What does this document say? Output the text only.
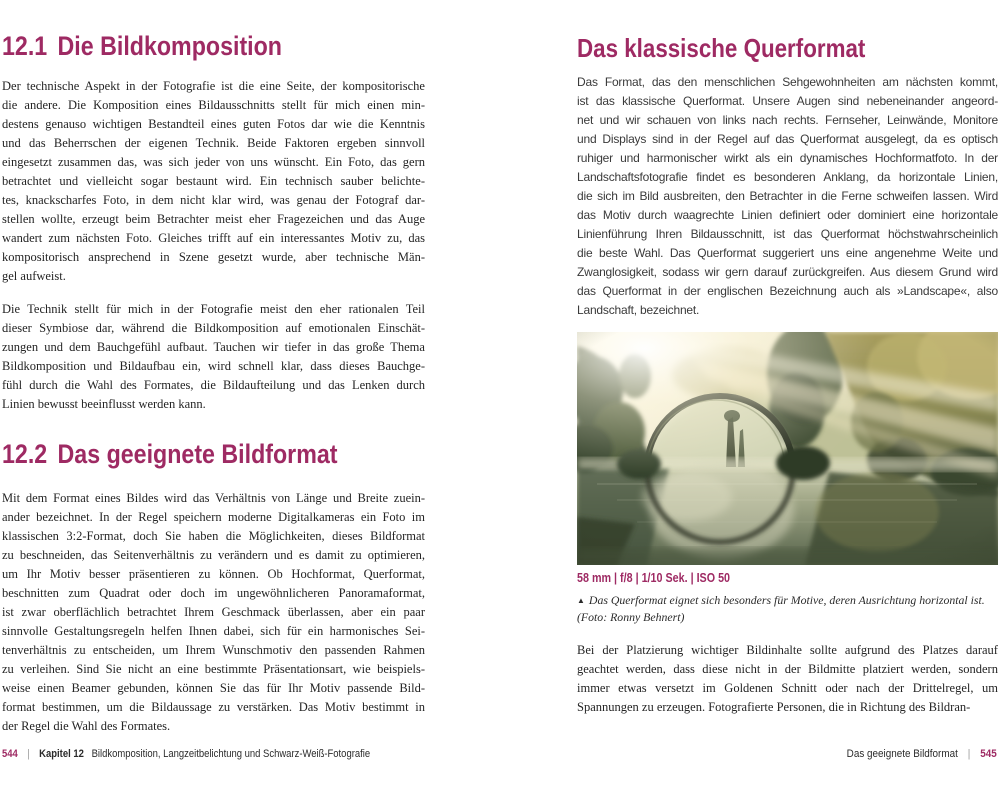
12.1 Die Bildkomposition
Der technische Aspekt in der Fotografie ist die eine Seite, der kompositorische
die andere. Die Komposition eines Bildausschnitts stellt für mich einen min-
destens genauso wichtigen Bestandteil eines guten Fotos dar wie die Kenntnis
und das Beherrschen der eigenen Technik. Beide Faktoren ergeben sinnvoll
eingesetzt zusammen das, was sich jeder von uns wünscht. Ein Foto, das gern
betrachtet und vielleicht sogar bestaunt wird. Ein technisch sauber belichte-
tes, knackscharfes Foto, in dem nicht klar wird, was genau der Fotograf dar-
stellen wollte, erzeugt beim Betrachter meist eher Fragezeichen und das Auge
wandert zum nächsten Foto. Gleiches trifft auf ein interessantes Motiv zu, das
kompositorisch ansprechend in Szene gesetzt wurde, aber technische Män-
gel aufweist.
Die Technik stellt für mich in der Fotografie meist den eher rationalen Teil
dieser Symbiose dar, während die Bildkomposition auf emotionalen Einschät-
zungen und dem Bauchgefühl aufbaut. Tauchen wir tiefer in das große Thema
Bildkomposition und Bildaufbau ein, wird schnell klar, dass dieses Bauchge-
fühl durch die Wahl des Formates, die Bildaufteilung und das Lenken durch
Linien bewusst beeinflusst werden kann.
12.2 Das geeignete Bildformat
Mit dem Format eines Bildes wird das Verhältnis von Länge und Breite zuein-
ander bezeichnet. In der Regel speichern moderne Digitalkameras ein Foto im
klassischen 3:2-Format, doch Sie haben die Möglichkeiten, dieses Bildformat
zu beschneiden, das Seitenverhältnis zu verändern und es damit zu optimieren,
um Ihr Motiv besser präsentieren zu können. Ob Hochformat, Querformat,
beschnitten zum Quadrat oder doch im ungewöhnlicheren Panoramaformat,
ist zwar oberflächlich betrachtet Ihrem Geschmack überlassen, aber ein paar
sinnvolle Gestaltungsregeln helfen Ihnen dabei, sich für ein harmonisches Sei-
tenverhältnis zu entscheiden, um Ihrem Wunschmotiv den passenden Rahmen
zu verleihen. Sind Sie nicht an eine bestimmte Präsentationsart, wie beispiels-
weise einen Beamer gebunden, können Sie das für Ihr Motiv passende Bild-
format bestimmen, um die Bildaussage zu verstärken. Das Motiv bestimmt in
der Regel die Wahl des Formates.
Das klassische Querformat
Das Format, das den menschlichen Sehgewohnheiten am nächsten kommt,
ist das klassische Querformat. Unsere Augen sind nebeneinander angeord-
net und wir schauen von links nach rechts. Fernseher, Leinwände, Monitore
und Displays sind in der Regel auf das Querformat ausgelegt, da es optisch
ruhiger und harmonischer wirkt als ein dynamisches Hochformatfoto. In der
Landschaftsfotografie findet es besonderen Anklang, da horizontale Linien,
die sich im Bild ausbreiten, den Betrachter in die Ferne schweifen lassen. Wird
das Motiv durch waagrechte Linien definiert oder dominiert eine horizontale
Linienführung Ihren Bildausschnitt, ist das Querformat höchstwahrscheinlich
die beste Wahl. Das Querformat suggeriert uns eine angenehme Weite und
Zwanglosigkeit, sodass wir gern darauf zurückgreifen. Aus diesem Grund wird
das Querformat in der englischen Bezeichnung auch als »Landscape«, also
Landschaft, bezeichnet.
58 mm | f/8 | 1/10 Sek. | ISO 50
▲ Das Querformat eignet sich besonders für Motive, deren Ausrichtung horizontal ist.
(Foto: Ronny Behnert)
Bei der Platzierung wichtiger Bildinhalte sollte aufgrund des Platzes darauf
geachtet werden, dass diese nicht in der Bildmitte platziert werden, sondern
immer etwas versetzt im Goldenen Schnitt oder nach der Drittelregel, um
Spannungen zu erzeugen. Fotografierte Personen, die in Richtung des Bildran-
544 | Kapitel 12 Bildkomposition, Langzeitbelichtung und Schwarz-Weiß-Fotografie	Das geeignete Bildformat | 545
